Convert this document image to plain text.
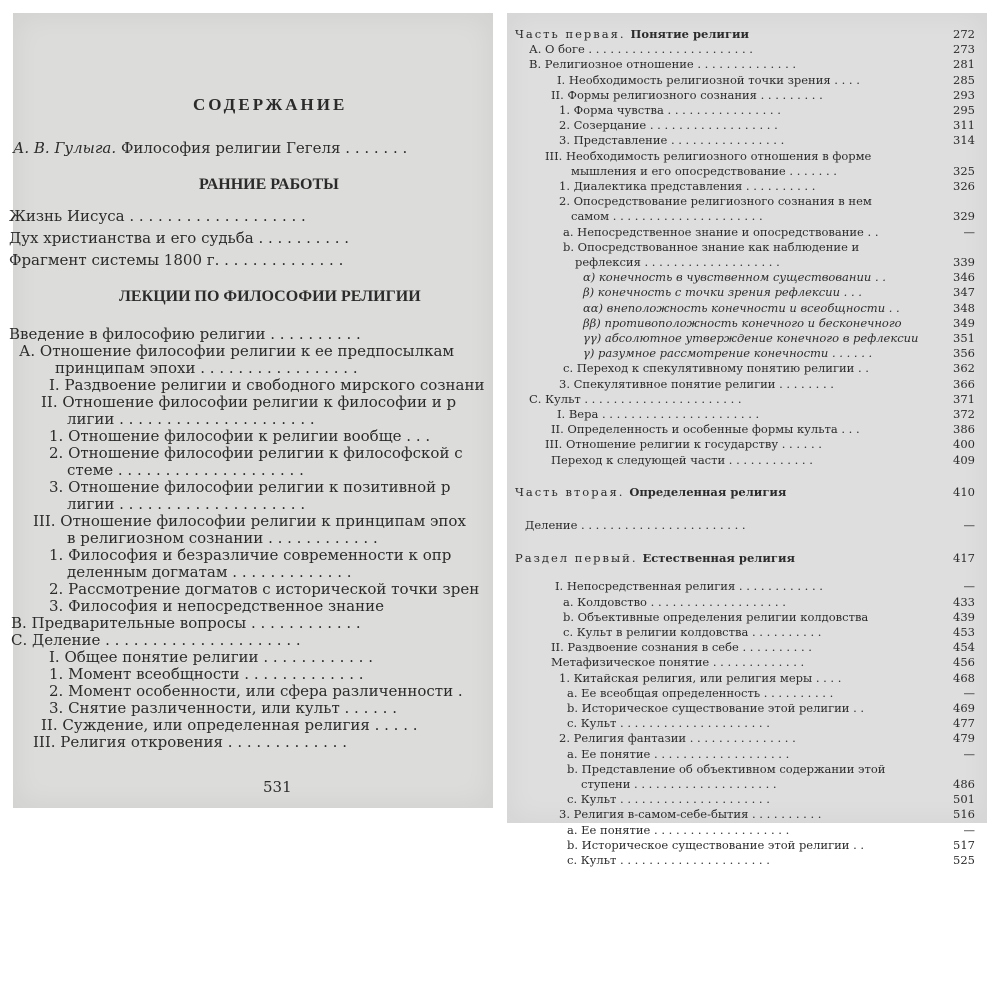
СОДЕРЖАНИЕ
А. В. Гулыга. Философия религии Гегеля . . . . . . .
РАННИЕ РАБОТЫ
ЛЕКЦИИ ПО ФИЛОСОФИИ РЕЛИГИИ
Жизнь Иисуса . . . . . . . . . . . . . . . . . . .
Дух христианства и его судьба . . . . . . . . . .
Фрагмент системы 1800 г. . . . . . . . . . . . . .
Введение в философию религии . . . . . . . . . .
А. Отношение философии религии к ее предпосылкам
принципам эпохи . . . . . . . . . . . . . . . . .
I. Раздвоение религии и свободного мирского сознани
II. Отношение философии религии к философии и р
лигии . . . . . . . . . . . . . . . . . . . . .
1. Отношение философии к религии вообще . . .
2. Отношение философии религии к философской с
стеме . . . . . . . . . . . . . . . . . . . .
3. Отношение философии религии к позитивной р
лигии . . . . . . . . . . . . . . . . . . . .
III. Отношение философии религии к принципам эпох
в религиозном сознании . . . . . . . . . . . .
1. Философия и безразличие современности к опр
деленным догматам . . . . . . . . . . . . .
2. Рассмотрение догматов с исторической точки зрен
3. Философия и непосредственное знание
В. Предварительные вопросы . . . . . . . . . . . .
С. Деление . . . . . . . . . . . . . . . . . . . . .
I. Общее понятие религии . . . . . . . . . . . .
1. Момент всеобщности . . . . . . . . . . . . .
2. Момент особенности, или сфера различенности .
3. Снятие различенности, или культ . . . . . .
II. Суждение, или определенная религия . . . . .
III. Религия откровения . . . . . . . . . . . . .
531
Часть первая. Понятие религии	272
А. О боге . . . . . . . . . . . . . . . . . . . . . . .	273
В. Религиозное отношение . . . . . . . . . . . . . .	281
I. Необходимость религиозной точки зрения . . . .	285
II. Формы религиозного сознания . . . . . . . . .	293
1. Форма чувства . . . . . . . . . . . . . . . .	295
2. Созерцание . . . . . . . . . . . . . . . . . .	311
3. Представление . . . . . . . . . . . . . . . .	314
III. Необходимость религиозного отношения в форме
мышления и его опосредствование . . . . . . .	325
1. Диалектика представления . . . . . . . . . .	326
2. Опосредствование религиозного сознания в нем
самом . . . . . . . . . . . . . . . . . . . . .	329
a. Непосредственное знание и опосредствование . .	—
b. Опосредствованное знание как наблюдение и
рефлексия . . . . . . . . . . . . . . . . . . .	339
α) конечность в чувственном существовании . .	346
β) конечность с точки зрения рефлексии . . .	347
αα) внеположность конечности и всеобщности . .	348
ββ) противоположность конечного и бесконечного	349
γγ) абсолютное утверждение конечного в рефлексии	351
γ) разумное рассмотрение конечности . . . . . .	356
c. Переход к спекулятивному понятию религии . .	362
3. Спекулятивное понятие религии . . . . . . . .	366
С. Культ . . . . . . . . . . . . . . . . . . . . . .	371
I. Вера . . . . . . . . . . . . . . . . . . . . . .	372
II. Определенность и особенные формы культа . . .	386
III. Отношение религии к государству . . . . . .	400
Переход к следующей части . . . . . . . . . . . .	409
Часть вторая. Определенная религия	410
Деление . . . . . . . . . . . . . . . . . . . . . . .	—
Раздел первый. Естественная религия	417
I. Непосредственная религия . . . . . . . . . . . .	—
a. Колдовство . . . . . . . . . . . . . . . . . . .	433
b. Объективные определения религии колдовства	439
c. Культ в религии колдовства . . . . . . . . . .	453
II. Раздвоение сознания в себе . . . . . . . . . .	454
Метафизическое понятие . . . . . . . . . . . . .	456
1. Китайская религия, или религия меры . . . .	468
a. Ее всеобщая определенность . . . . . . . . . .	—
b. Историческое существование этой религии . .	469
c. Культ . . . . . . . . . . . . . . . . . . . . .	477
2. Религия фантазии . . . . . . . . . . . . . . .	479
a. Ее понятие . . . . . . . . . . . . . . . . . . .	—
b. Представление об объективном содержании этой
ступени . . . . . . . . . . . . . . . . . . . .	486
c. Культ . . . . . . . . . . . . . . . . . . . . .	501
3. Религия в-самом-себе-бытия . . . . . . . . . .	516
a. Ее понятие . . . . . . . . . . . . . . . . . . .	—
b. Историческое существование этой религии . .	517
c. Культ . . . . . . . . . . . . . . . . . . . . .	525
